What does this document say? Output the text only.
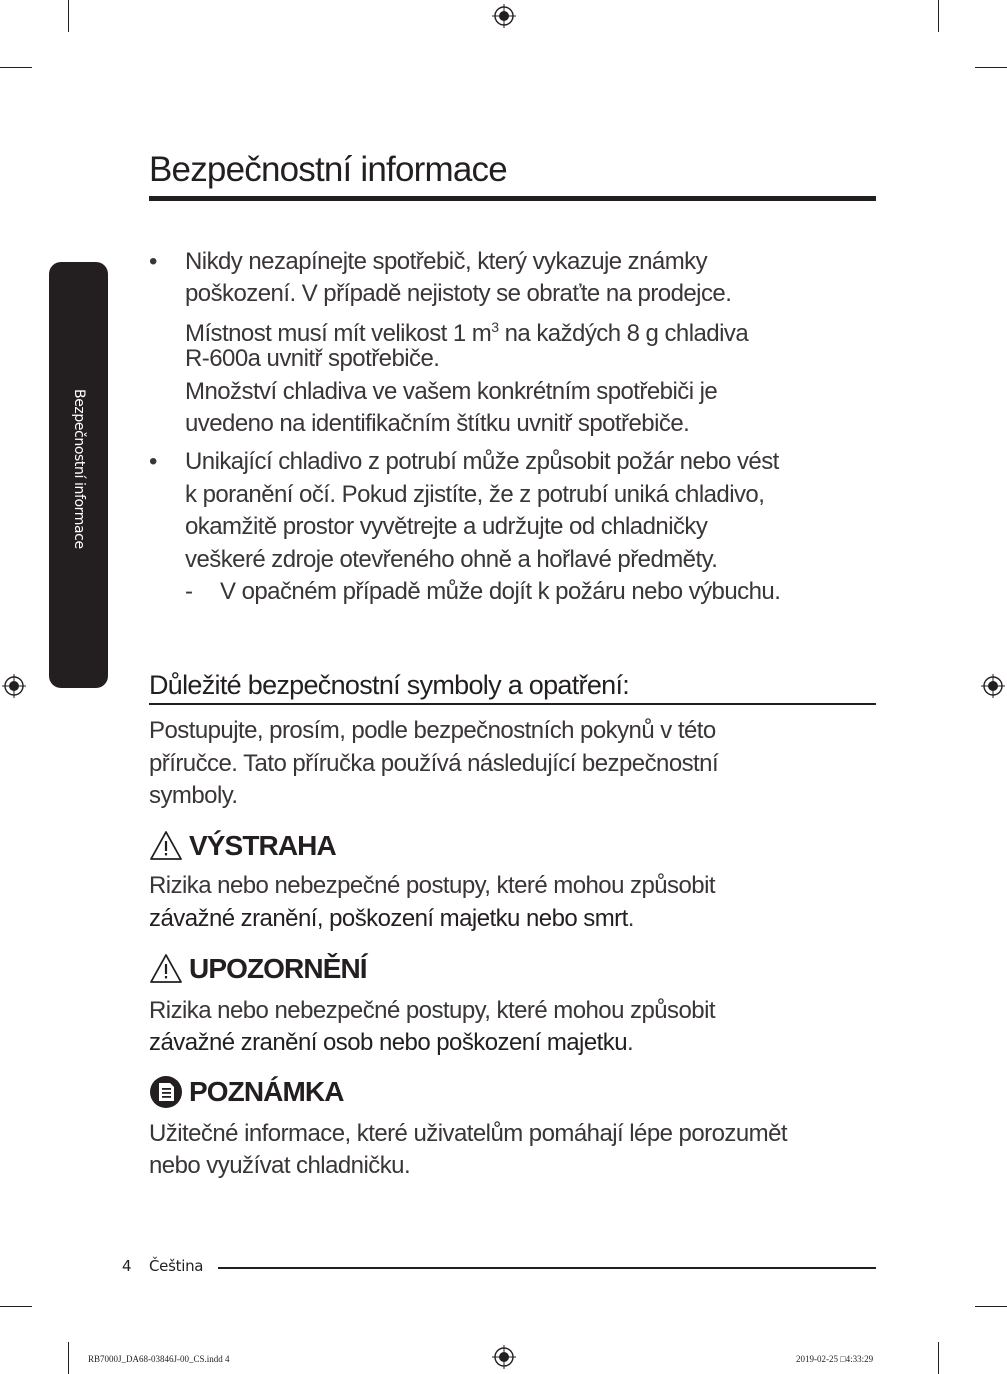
Bezpečnostní informace
Bezpečnostní informace
• Nikdy nezapínejte spotřebič, který vykazuje známky
poškození. V případě nejistoty se obraťte na prodejce.
Místnost musí mít velikost 1 $m^3$ na každých 8 g chladiva
R-600a uvnitř spotřebiče.
Množství chladiva ve vašem konkrétním spotřebiči je
uvedeno na identifikačním štítku uvnitř spotřebiče.
• Unikající chladivo z potrubí může způsobit požár nebo vést
k poranění očí. Pokud zjistíte, že z potrubí uniká chladivo,
okamžitě prostor vyvětrejte a udržujte od chladničky
veškeré zdroje otevřeného ohně a hořlavé předměty.
- V opačném případě může dojít k požáru nebo výbuchu.
Důležité bezpečnostní symboly a opatření:
Postupujte, prosím, podle bezpečnostních pokynů v této
příručce. Tato příručka používá následující bezpečnostní
symboly.
VÝSTRAHA
Rizika nebo nebezpečné postupy, které mohou způsobit
závažné zranění, poškození majetku nebo smrt.
UPOZORNĚNÍ
Rizika nebo nebezpečné postupy, které mohou způsobit
závažné zranění osob nebo poškození majetku.
POZNÁMKA
Užitečné informace, které uživatelům pomáhají lépe porozumět
nebo využívat chladničku.
4 Čeština
RB7000J_DA68-03846J-00_CS.indd 4	2019-02-25 □4:33:29
